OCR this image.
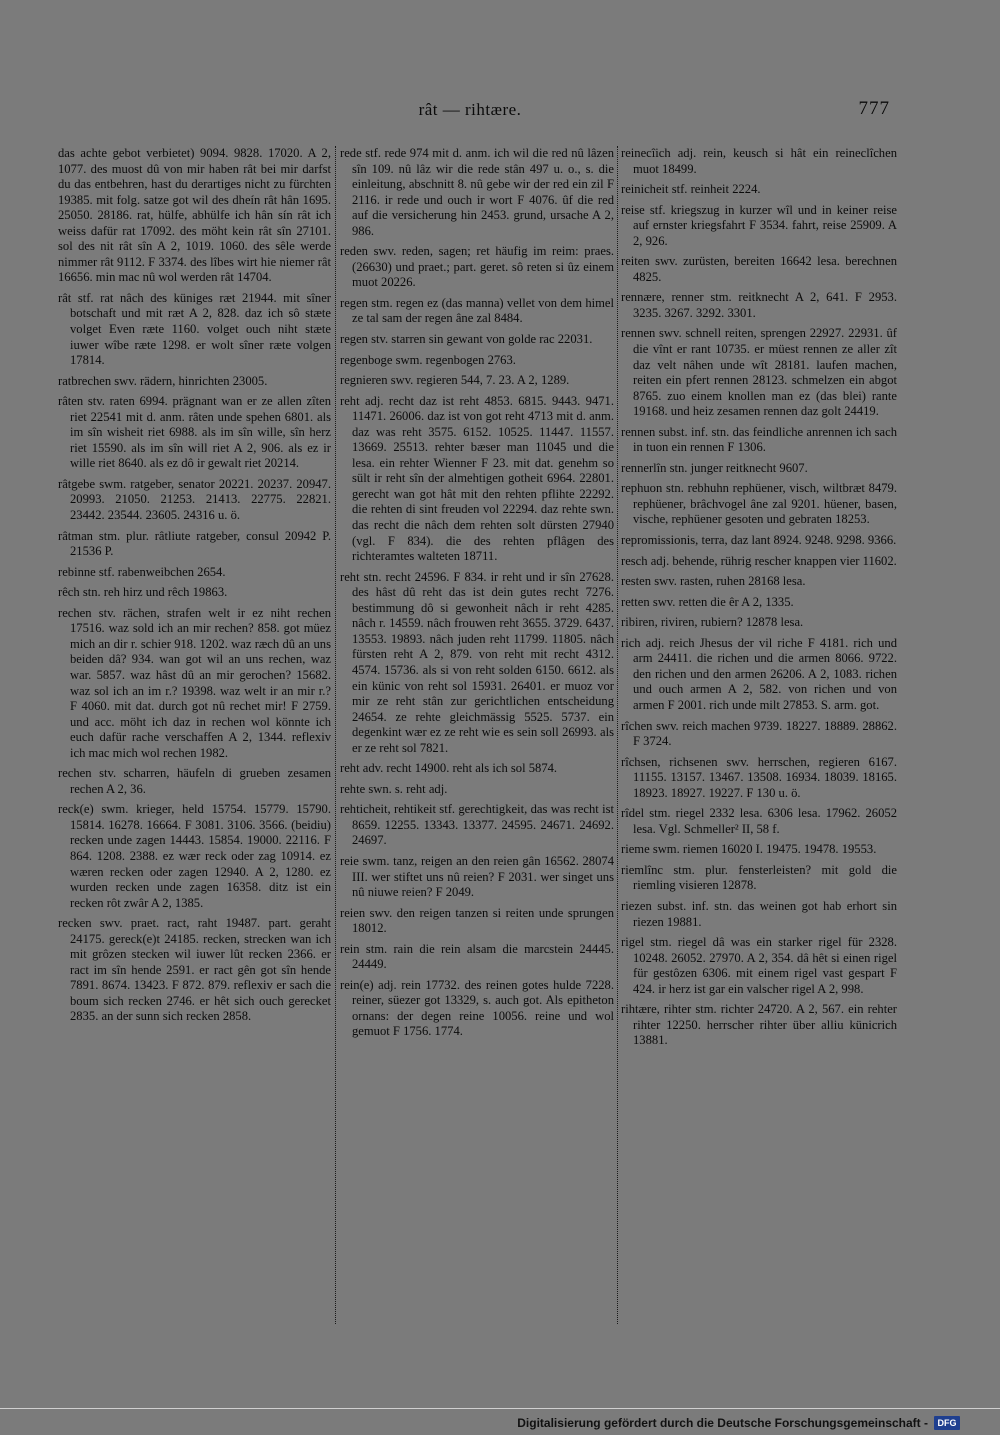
rât — rihtære.	777

das achte gebot verbietet) 9094. 9828. 17020. A 2, 1077. des muost dû von mir haben rât bei mir darfst du das entbehren, hast du derartiges nicht zu fürchten 19385. mit folg. satze got wil des dheín rât hân 1695. 25050. 28186. rat, hülfe, abhülfe ich hân sín rât ich weiss dafür rat 17092. des möht kein rât sîn 27101. sol des nit rât sîn A 2, 1019. 1060. des sêle werde nimmer rât 9112. F 3374. des lîbes wirt hie niemer rât 16656. min mac nû wol werden rât 14704.

rât stf. rat nâch des küniges ræt 21944. mit sîner botschaft und mit ræt A 2, 828. daz ich sô stæte volget Even ræte 1160. volget ouch niht stæte iuwer wîbe ræte 1298. er wolt sîner ræte volgen 17814.

ratbrechen swv. rädern, hinrichten 23005.

râten stv. raten 6994. prägnant wan er ze allen zîten riet 22541 mit d. anm. râten unde spehen 6801. als im sîn wisheit riet 6988. als im sîn wille, sîn herz riet 15590. als im sîn will riet A 2, 906. als ez ir wille riet 8640. als ez dô ir gewalt riet 20214.

râtgebe swm. ratgeber, senator 20221. 20237. 20947. 20993. 21050. 21253. 21413. 22775. 22821. 23442. 23544. 23605. 24316 u. ö.

râtman stm. plur. râtliute ratgeber, consul 20942 P. 21536 P.

rebinne stf. rabenweibchen 2654.

rêch stn. reh hirz und rêch 19863.

rechen stv. rächen, strafen welt ir ez niht rechen 17516. waz sold ich an mir rechen? 858. got müez mich an dir r. schier 918. 1202. waz ræch dû an uns beiden dâ? 934. wan got wil an uns rechen, waz war. 5857. waz hâst dû an mir gerochen? 15682. waz sol ich an im r.? 19398. waz welt ir an mir r.? F 4060. mit dat. durch got nû rechet mir! F 2759. und acc. möht ich daz in rechen wol könnte ich euch dafür rache verschaffen A 2, 1344. reflexiv ich mac mich wol rechen 1982.

rechen stv. scharren, häufeln di grueben zesamen rechen A 2, 36.

reck(e) swm. krieger, held 15754. 15779. 15790. 15814. 16278. 16664. F 3081. 3106. 3566. (beidiu) recken unde zagen 14443. 15854. 19000. 22116. F 864. 1208. 2388. ez wær reck oder zag 10914. ez wæren recken oder zagen 12940. A 2, 1280. ez wurden recken unde zagen 16358. ditz ist ein recken rôt zwâr A 2, 1385.

recken swv. praet. ract, raht 19487. part. geraht 24175. gereck(e)t 24185. recken, strecken wan ich mit grôzen stecken wil iuwer lût recken 2366. er ract im sîn hende 2591. er ract gên got sîn hende 7891. 8674. 13423. F 872. 879. reflexiv er sach die boum sich recken 2746. er hêt sich ouch gerecket 2835. an der sunn sich recken 2858.

rede stf. rede 974 mit d. anm. ich wil die red nû lâzen sîn 109. nû lâz wir die rede stân 497 u. o., s. die einleitung, abschnitt 8. nû gebe wir der red ein zil F 2116. ir rede und ouch ir wort F 4076. ûf die red auf die versicherung hin 2453. grund, ursache A 2, 986.

reden swv. reden, sagen; ret häufig im reim: praes. (26630) und praet.; part. geret. sô reten si ûz einem muot 20226.

regen stm. regen ez (das manna) vellet von dem himel ze tal sam der regen âne zal 8484.

regen stv. starren sin gewant von golde rac 22031.

regenboge swm. regenbogen 2763.

regnieren swv. regieren 544, 7. 23. A 2, 1289.

reht adj. recht daz ist reht 4853. 6815. 9443. 9471. 11471. 26006. daz ist von got reht 4713 mit d. anm. daz was reht 3575. 6152. 10525. 11447. 11557. 13669. 25513. rehter bæser man 11045 und die lesa. ein rehter Wienner F 23. mit dat. genehm so sült ir reht sîn der almehtigen gotheit 6964. 22801. gerecht wan got hât mit den rehten pflihte 22292. die rehten di sint freuden vol 22294. daz rehte swn. das recht die nâch dem rehten solt dürsten 27940 (vgl. F 834). die des rehten pflâgen des richteramtes walteten 18711.

reht stn. recht 24596. F 834. ir reht und ir sîn 27628. des hâst dû reht das ist dein gutes recht 7276. bestimmung dô si gewonheit nâch ir reht 4285. nâch r. 14559. nâch frouwen reht 3655. 3729. 6437. 13553. 19893. nâch juden reht 11799. 11805. nâch fürsten reht A 2, 879. von reht mit recht 4312. 4574. 15736. als si von reht solden 6150. 6612. als ein künic von reht sol 15931. 26401. er muoz vor mir ze reht stân zur gerichtlichen entscheidung 24654. ze rehte gleichmässig 5525. 5737. ein degenkint wær ez ze reht wie es sein soll 26993. als er ze reht sol 7821.

reht adv. recht 14900. reht als ich sol 5874.

rehte swn. s. reht adj.

rehticheit, rehtikeit stf. gerechtigkeit, das was recht ist 8659. 12255. 13343. 13377. 24595. 24671. 24692. 24697.

reie swm. tanz, reigen an den reien gân 16562. 28074 III. wer stiftet uns nû reien? F 2031. wer singet uns nû niuwe reien? F 2049.

reien swv. den reigen tanzen si reiten unde sprungen 18012.

rein stm. rain die rein alsam die marcstein 24445. 24449.

rein(e) adj. rein 17732. des reinen gotes hulde 7228. reiner, süezer got 13329, s. auch got. Als epitheton ornans: der degen reine 10056. reine und wol gemuot F 1756. 1774.

reinecîich adj. rein, keusch si hât ein reineclîchen muot 18499.

reinicheit stf. reinheit 2224.

reise stf. kriegszug in kurzer wîl und in keiner reise auf ernster kriegsfahrt F 3534. fahrt, reise 25909. A 2, 926.

reiten swv. zurüsten, bereiten 16642 lesa. berechnen 4825.

rennære, renner stm. reitknecht A 2, 641. F 2953. 3235. 3267. 3292. 3301.

rennen swv. schnell reiten, sprengen 22927. 22931. ûf die vînt er rant 10735. er müest rennen ze aller zît daz velt nâhen unde wît 28181. laufen machen, reiten ein pfert rennen 28123. schmelzen ein abgot 8765. zuo einem knollen man ez (das blei) rante 19168. und heiz zesamen rennen daz golt 24419.

rennen subst. inf. stn. das feindliche anrennen ich sach in tuon ein rennen F 1306.

rennerlîn stn. junger reitknecht 9607.

rephuon stn. rebhuhn rephüener, visch, wiltbræt 8479. rephüener, brâchvogel âne zal 9201. hüener, basen, vische, rephüener gesoten und gebraten 18253.

repromissionis, terra, daz lant 8924. 9248. 9298. 9366.

resch adj. behende, rührig rescher knappen vier 11602.

resten swv. rasten, ruhen 28168 lesa.

retten swv. retten die êr A 2, 1335.

ribiren, riviren, rubiern? 12878 lesa.

rich adj. reich Jhesus der vil riche F 4181. rich und arm 24411. die richen und die armen 8066. 9722. den richen und den armen 26206. A 2, 1083. richen und ouch armen A 2, 582. von richen und von armen F 2001. rich unde milt 27853. S. arm. got.

rîchen swv. reich machen 9739. 18227. 18889. 28862. F 3724.

rîchsen, richsenen swv. herrschen, regieren 6167. 11155. 13157. 13467. 13508. 16934. 18039. 18165. 18923. 18927. 19227. F 130 u. ö.

rîdel stm. riegel 2332 lesa. 6306 lesa. 17962. 26052 lesa. Vgl. Schmeller² II, 58 f.

rieme swm. riemen 16020 I. 19475. 19478. 19553.

riemlînc stm. plur. fensterleisten? mit gold die riemling visieren 12878.

riezen subst. inf. stn. das weinen got hab erhort sin riezen 19881.

rigel stm. riegel dâ was ein starker rigel für 2328. 10248. 26052. 27970. A 2, 354. dâ hêt si einen rigel für gestôzen 6306. mit einem rigel vast gespart F 424. ir herz ist gar ein valscher rigel A 2, 998.

rihtære, rihter stm. richter 24720. A 2, 567. ein rehter rihter 12250. herrscher rihter über alliu künicrich 13881.

Digitalisierung gefördert durch die Deutsche Forschungsgemeinschaft -	DFG
